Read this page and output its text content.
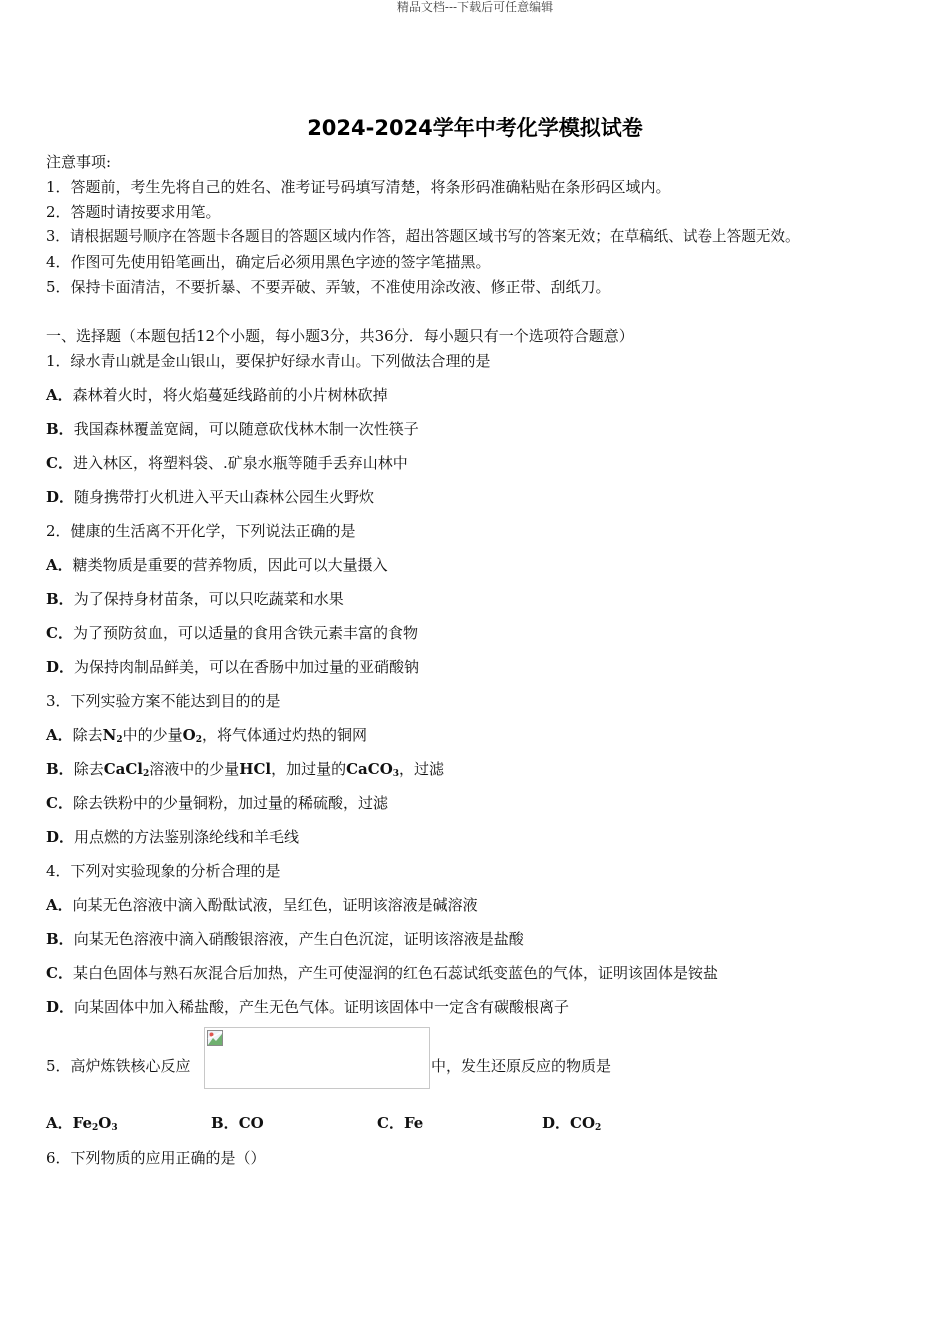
精品文档---下载后可任意编辑
2024-2024学年中考化学模拟试卷
注意事项:
1．答题前，考生先将自己的姓名、准考证号码填写清楚，将条形码准确粘贴在条形码区域内。
2．答题时请按要求用笔。
3．请根据题号顺序在答题卡各题目的答题区域内作答，超出答题区域书写的答案无效；在草稿纸、试卷上答题无效。
4．作图可先使用铅笔画出，确定后必须用黑色字迹的签字笔描黑。
5．保持卡面清洁，不要折暴、不要弄破、弄皱，不准使用涂改液、修正带、刮纸刀。
一、选择题（本题包括12个小题，每小题3分，共36分．每小题只有一个选项符合题意）
1．绿水青山就是金山银山，要保护好绿水青山。下列做法合理的是
A．森林着火时，将火焰蔓延线路前的小片树林砍掉
B．我国森林覆盖宽阔，可以随意砍伐林木制一次性筷子
C．进入林区，将塑料袋、.矿泉水瓶等随手丢弃山林中
D．随身携带打火机进入平天山森林公园生火野炊
2．健康的生活离不开化学，下列说法正确的是
A．糖类物质是重要的营养物质，因此可以大量摄入
B．为了保持身材苗条，可以只吃蔬菜和水果
C．为了预防贫血，可以适量的食用含铁元素丰富的食物
D．为保持肉制品鲜美，可以在香肠中加过量的亚硝酸钠
3．下列实验方案不能达到目的的是
A．除去$N_2$中的少量$O_2$，将气体通过灼热的铜网
B．除去CaCl$_2$溶液中的少量HCl，加过量的CaCO$_3$，过滤
C．除去铁粉中的少量铜粉，加过量的稀硫酸，过滤
D．用点燃的方法鉴别涤纶线和羊毛线
4．下列对实验现象的分析合理的是
A．向某无色溶液中滴入酚酞试液，呈红色，证明该溶液是碱溶液
B．向某无色溶液中滴入硝酸银溶液，产生白色沉淀，证明该溶液是盐酸
C．某白色固体与熟石灰混合后加热，产生可使湿润的红色石蕊试纸变蓝色的气体，证明该固体是铵盐
D．向某固体中加入稀盐酸，产生无色气体。证明该固体中一定含有碳酸根离子
5．高炉炼铁核心反应	中，发生还原反应的物质是
A．$Fe_2O_3$	B．CO	C．Fe	D．$CO_2$
6．下列物质的应用正确的是（）
